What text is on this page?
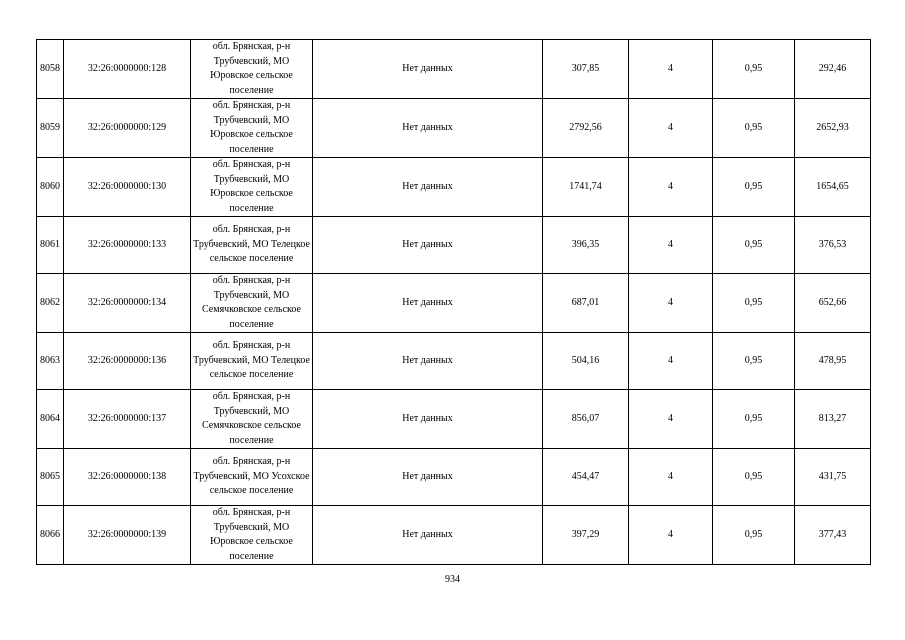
8058	32:26:0000000:128	обл. Брянская, р-н Трубчевский, МО Юровское сельское поселение	Нет данных	307,85	4	0,95	292,46
8059	32:26:0000000:129	обл. Брянская, р-н Трубчевский, МО Юровское сельское поселение	Нет данных	2792,56	4	0,95	2652,93
8060	32:26:0000000:130	обл. Брянская, р-н Трубчевский, МО Юровское сельское поселение	Нет данных	1741,74	4	0,95	1654,65
8061	32:26:0000000:133	обл. Брянская, р-н Трубчевский, МО Телецкое сельское поселение	Нет данных	396,35	4	0,95	376,53
8062	32:26:0000000:134	обл. Брянская, р-н Трубчевский, МО Семячковское сельское поселение	Нет данных	687,01	4	0,95	652,66
8063	32:26:0000000:136	обл. Брянская, р-н Трубчевский, МО Телецкое сельское поселение	Нет данных	504,16	4	0,95	478,95
8064	32:26:0000000:137	обл. Брянская, р-н Трубчевский, МО Семячковское сельское поселение	Нет данных	856,07	4	0,95	813,27
8065	32:26:0000000:138	обл. Брянская, р-н Трубчевский, МО Усохское сельское поселение	Нет данных	454,47	4	0,95	431,75
8066	32:26:0000000:139	обл. Брянская, р-н Трубчевский, МО Юровское сельское поселение	Нет данных	397,29	4	0,95	377,43
934
